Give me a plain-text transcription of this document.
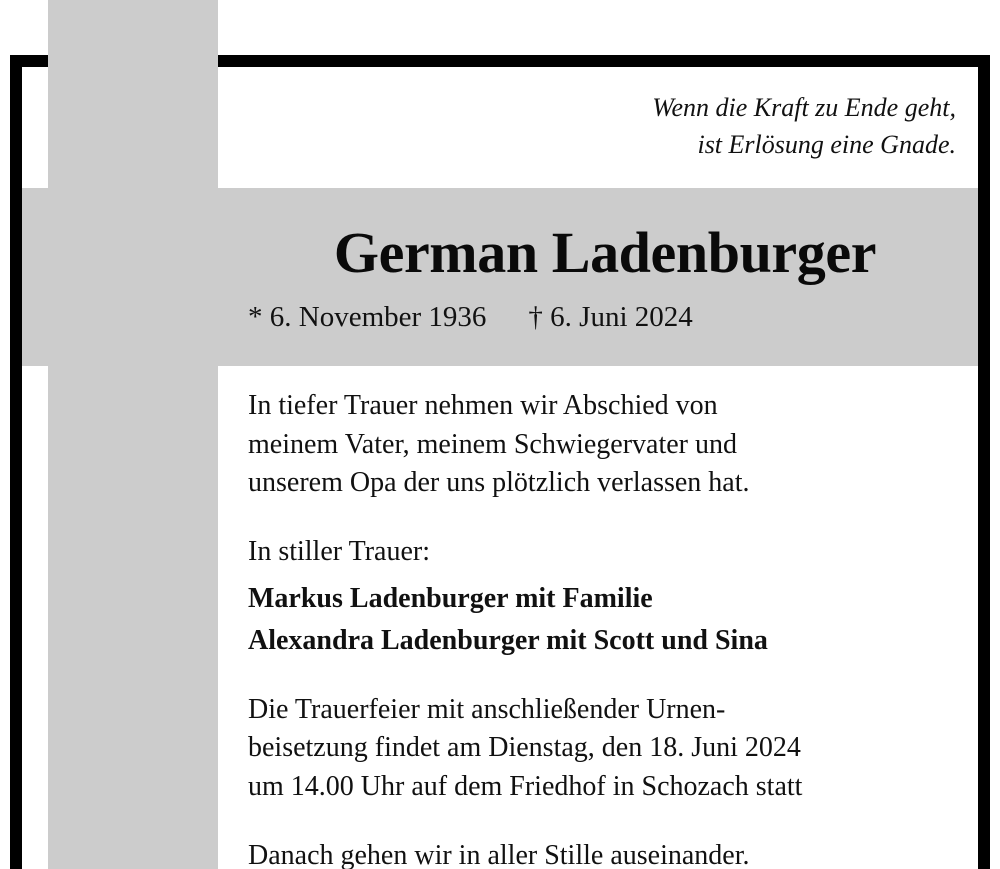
Wenn die Kraft zu Ende geht,
ist Erlösung eine Gnade.
German Ladenburger
* 6. November 1936 † 6. Juni 2024
In tiefer Trauer nehmen wir Abschied von
meinem Vater, meinem Schwiegervater und
unserem Opa der uns plötzlich verlassen hat.
In stiller Trauer:
Markus Ladenburger mit Familie
Alexandra Ladenburger mit Scott und Sina
Die Trauerfeier mit anschließender Urnen-
beisetzung findet am Dienstag, den 18. Juni 2024
um 14.00 Uhr auf dem Friedhof in Schozach statt
Danach gehen wir in aller Stille auseinander.
